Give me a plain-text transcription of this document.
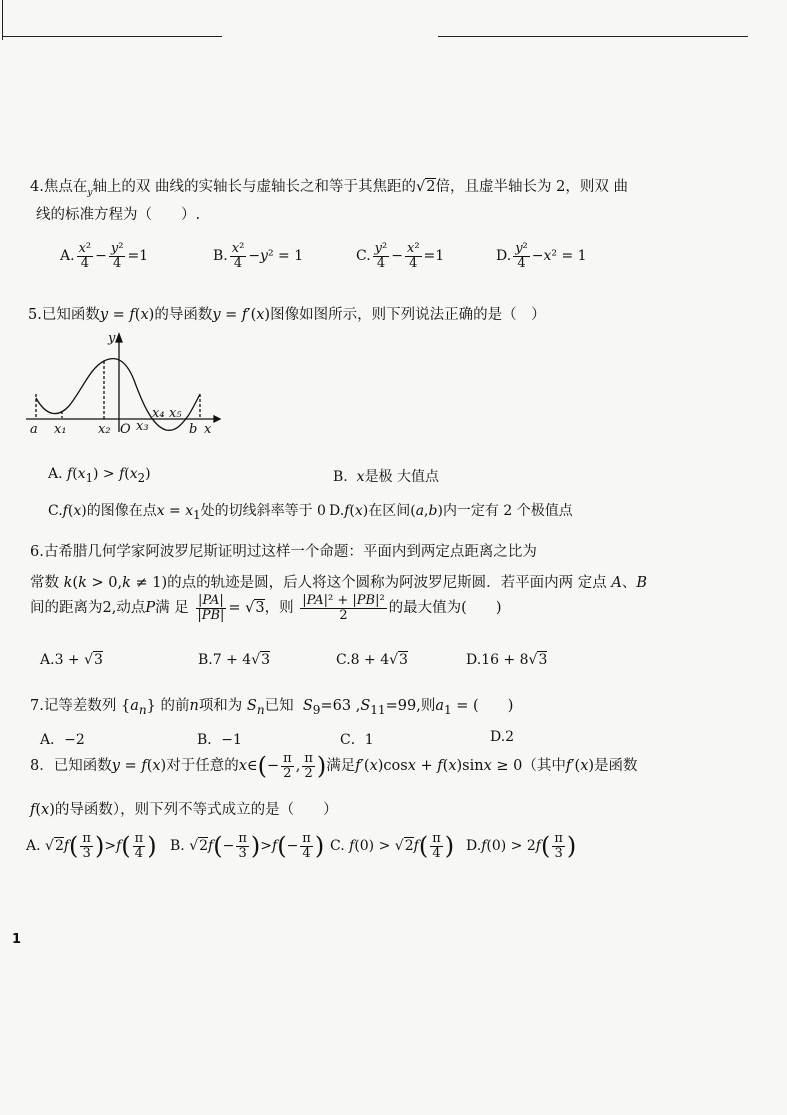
4.焦点在$_y$轴上的双 曲线的实轴长与虚轴长之和等于其焦距的√2倍，且虚半轴长为 2，则双 曲
线的标准方程为（　　）.
A. $\frac{\text{x²}}{4} - \frac{\text{y²}}{4} =1$	B. $\frac{\text{x²}}{4} -y^2 = 1$	C. $\frac{\text{y²}}{4} - \frac{\text{x²}}{4} =1$	D. $\frac{\text{y²}}{4} -x^2 = 1$
5.已知函数y = f(x)的导函数y = f′(x)图像如图所示，则下列说法正确的是（　）
y
x
a x₁ x₂ O x₃
x₄ x₅
b
A. $f(x_1) > f(x_2)$	B. x是极 大值点
C.f(x)的图像在点$x = x_1$处的切线斜率等于 0 D.f(x)在区间(a,b)内一定有 2 个极值点
6.古希腊几何学家阿波罗尼斯证明过这样一个命题：平面内到两定点距离之比为
常数 k(k > 0,k ≠ 1)的点的轨迹是圆，后人将这个圆称为阿波罗尼斯圆．若平面内两 定点 A、B
间的距离为2,动点P满 足 $\frac{|PA|}{|PB|} = √3$，则 $\frac{\text{|PA|² + |PB|²}}{2}$ 的最大值为(　　)
A.3 + √3	B.7 + 4√3	C.8 + 4√3	D.16 + 8√3
7.记等差数列 $\{a_n\}$ 的前n项和为 $S_n$已知 $S_9=63$ $,S_{11}=99$,则$a_1$ = (　　)
A．−2	B．−1	C．1	D.2
8．已知函数y = f(x)对于任意的x∈(− $\frac{\pi}{2}$ , $\frac{\pi}{2}$ )满足f′(x)cosx + f(x)sinx ≥ 0（其中f′(x)是函数
f(x)的导函数），则下列不等式成立的是（　　）
A. $√2f( \frac{\pi}{3} )>f( \frac{\pi}{4}$ ) B. $√2f(- \frac{\pi}{3} )>f(- \frac{\pi}{4}$ ) C. $f(0) > √2f( \frac{\pi}{4}$ ) $D.f(0) > 2f( \frac{\pi}{3}$ )
1
